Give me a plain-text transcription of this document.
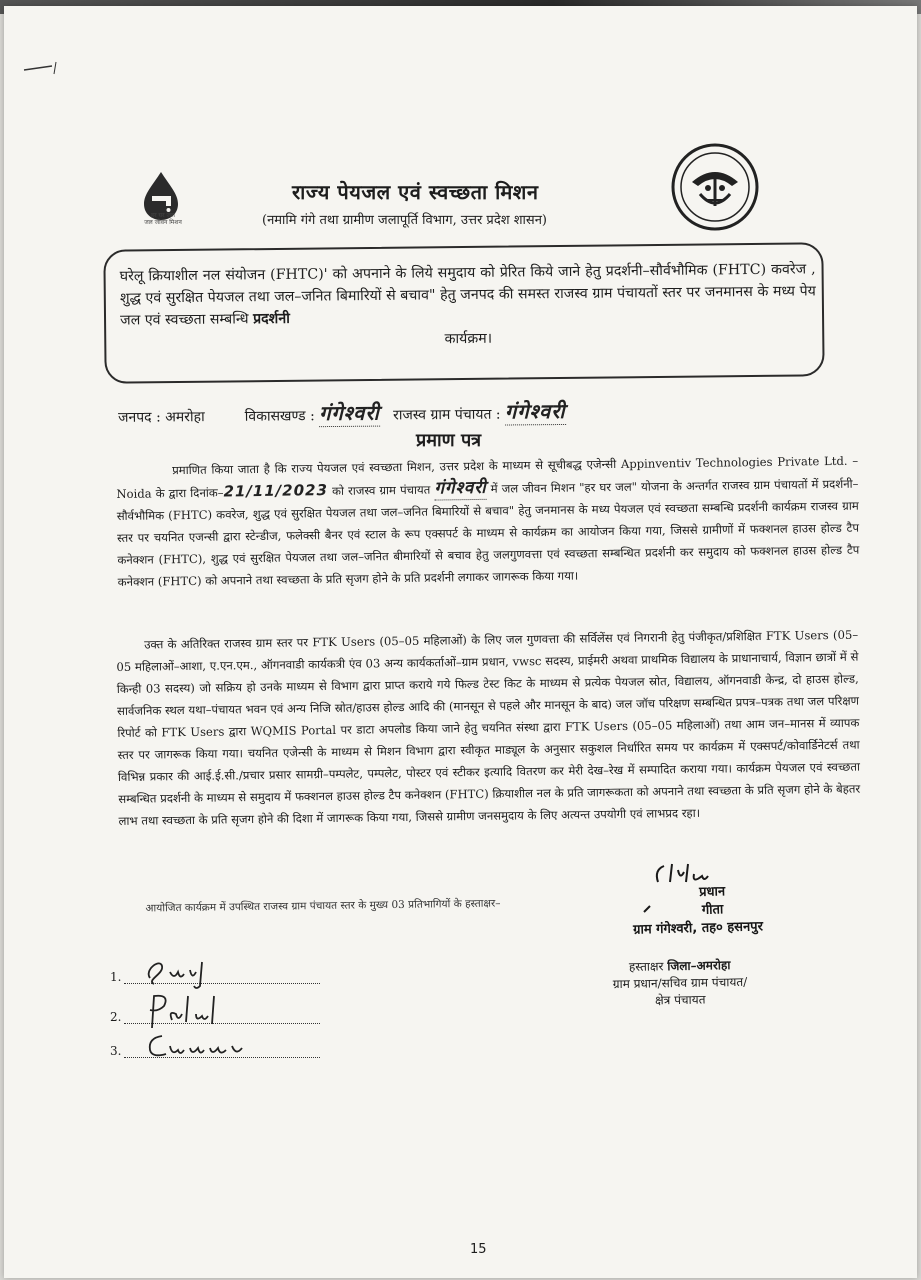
हर घर जल
जल जीवन मिशन
राज्य पेयजल एवं स्वच्छता मिशन
(नमामि गंगे तथा ग्रामीण जलापूर्ति विभाग, उत्तर प्रदेश शासन)
घरेलू क्रियाशील नल संयोजन (FHTC)' को अपनाने के लिये समुदाय को प्रेरित किये जाने हेतु प्रदर्शनी–सौर्वभौमिक (FHTC) कवरेज , शुद्ध एवं सुरक्षित पेयजल तथा जल–जनित बिमारियों से बचाव" हेतु जनपद की समस्त राजस्व ग्राम पंचायतों स्तर पर जनमानस के मध्य पेय जल एवं स्वच्छता सम्बन्धि प्रदर्शनी
कार्यक्रम।
जनपद : अमरोहा	विकासखण्ड : गंगेश्वरी राजस्व ग्राम पंचायत : गंगेश्वरी
प्रमाण पत्र
प्रमाणित किया जाता है कि राज्य पेयजल एवं स्वच्छता मिशन, उत्तर प्रदेश के माध्यम से सूचीबद्ध एजेन्सी Appinventiv Technologies Private Ltd. – Noida के द्वारा दिनांक–21/11/2023 को राजस्व ग्राम पंचायत गंगेश्वरी में जल जीवन मिशन "हर घर जल" योजना के अन्तर्गत राजस्व ग्राम पंचायतों में प्रदर्शनी–सौर्वभौमिक (FHTC) कवरेज, शुद्ध एवं सुरक्षित पेयजल तथा जल–जनित बिमारियों से बचाव" हेतु जनमानस के मध्य पेयजल एवं स्वच्छता सम्बन्धि प्रदर्शनी कार्यक्रम राजस्व ग्राम स्तर पर चयनित एजन्सी द्वारा स्टेन्डीज, फलेक्सी बैनर एवं स्टाल के रूप एक्सपर्ट के माध्यम से कार्यक्रम का आयोजन किया गया, जिससे ग्रामीणों में फक्शनल हाउस होल्ड टैप कनेक्शन (FHTC), शुद्ध एवं सुरक्षित पेयजल तथा जल–जनित बीमारियों से बचाव हेतु जलगुणवत्ता एवं स्वच्छता सम्बन्धित प्रदर्शनी कर समुदाय को फक्शनल हाउस होल्ड टैप कनेक्शन (FHTC) को अपनाने तथा स्वच्छता के प्रति सृजग होने के प्रति प्रदर्शनी लगाकर जागरूक किया गया।
उक्त के अतिरिक्त राजस्व ग्राम स्तर पर FTK Users (05–05 महिलाओं) के लिए जल गुणवत्ता की सर्विलेंस एवं निगरानी हेतु पंजीकृत/प्रशिक्षित FTK Users (05–05 महिलाओं–आशा, ए.एन.एम., ऑगनवाडी कार्यकत्री एंव 03 अन्य कार्यकर्ताओं–ग्राम प्रधान, vwsc सदस्य, प्राईमरी अथवा प्राथमिक विद्यालय के प्राधानाचार्य, विज्ञान छात्रों में से किन्ही 03 सदस्य) जो सक्रिय हो उनके माध्यम से विभाग द्वारा प्राप्त कराये गये फिल्ड टेस्ट किट के माध्यम से प्रत्येक पेयजल स्रोत, विद्यालय, ऑगनवाडी केन्द्र, दो हाउस होल्ड, सार्वजनिक स्थल यथा–पंचायत भवन एवं अन्य निजि स्रोत/हाउस होल्ड आदि की (मानसून से पहले और मानसून के बाद) जल जॉच परिक्षण सम्बन्धित प्रपत्र–पत्रक तथा जल परिक्षण रिपोर्ट को FTK Users द्वारा WQMIS Portal पर डाटा अपलोड किया जाने हेतु चयनित संस्था द्वारा FTK Users (05–05 महिलाओं) तथा आम जन–मानस में व्यापक स्तर पर जागरूक किया गया। चयनित एजेन्सी के माध्यम से मिशन विभाग द्वारा स्वीकृत माड्यूल के अनुसार सकुशल निर्धारित समय पर कार्यक्रम में एक्सपर्ट/कोवार्डिनेटर्स तथा विभिन्न प्रकार की आई.ई.सी./प्रचार प्रसार सामग्री–पम्पलेट, पम्पलेट, पोस्टर एवं स्टीकर इत्यादि वितरण कर मेरी देख–रेख में सम्पादित कराया गया। कार्यक्रम पेयजल एवं स्वच्छता सम्बन्धित प्रदर्शनी के माध्यम से समुदाय में फक्शनल हाउस होल्ड टैप कनेक्शन (FHTC) क्रियाशील नल के प्रति जागरूकता को अपनाने तथा स्वच्छता के प्रति सृजग होने के बेहतर लाभ तथा स्वच्छता के प्रति सृजग होने की दिशा में जागरूक किया गया, जिससे ग्रामीण जनसमुदाय के लिए अत्यन्त उपयोगी एवं लाभप्रद रहा।
आयोजित कार्यक्रम में उपस्थित राजस्व ग्राम पंचायत स्तर के मुख्य 03 प्रतिभागियों के हस्ताक्षर–
1.
2.
3.
प्रधान
गीता
ग्राम गंगेश्वरी, तह० हसनपुर
हस्ताक्षर जिला–अमरोहा
ग्राम प्रधान/सचिव ग्राम पंचायत/
क्षेत्र पंचायत
15
